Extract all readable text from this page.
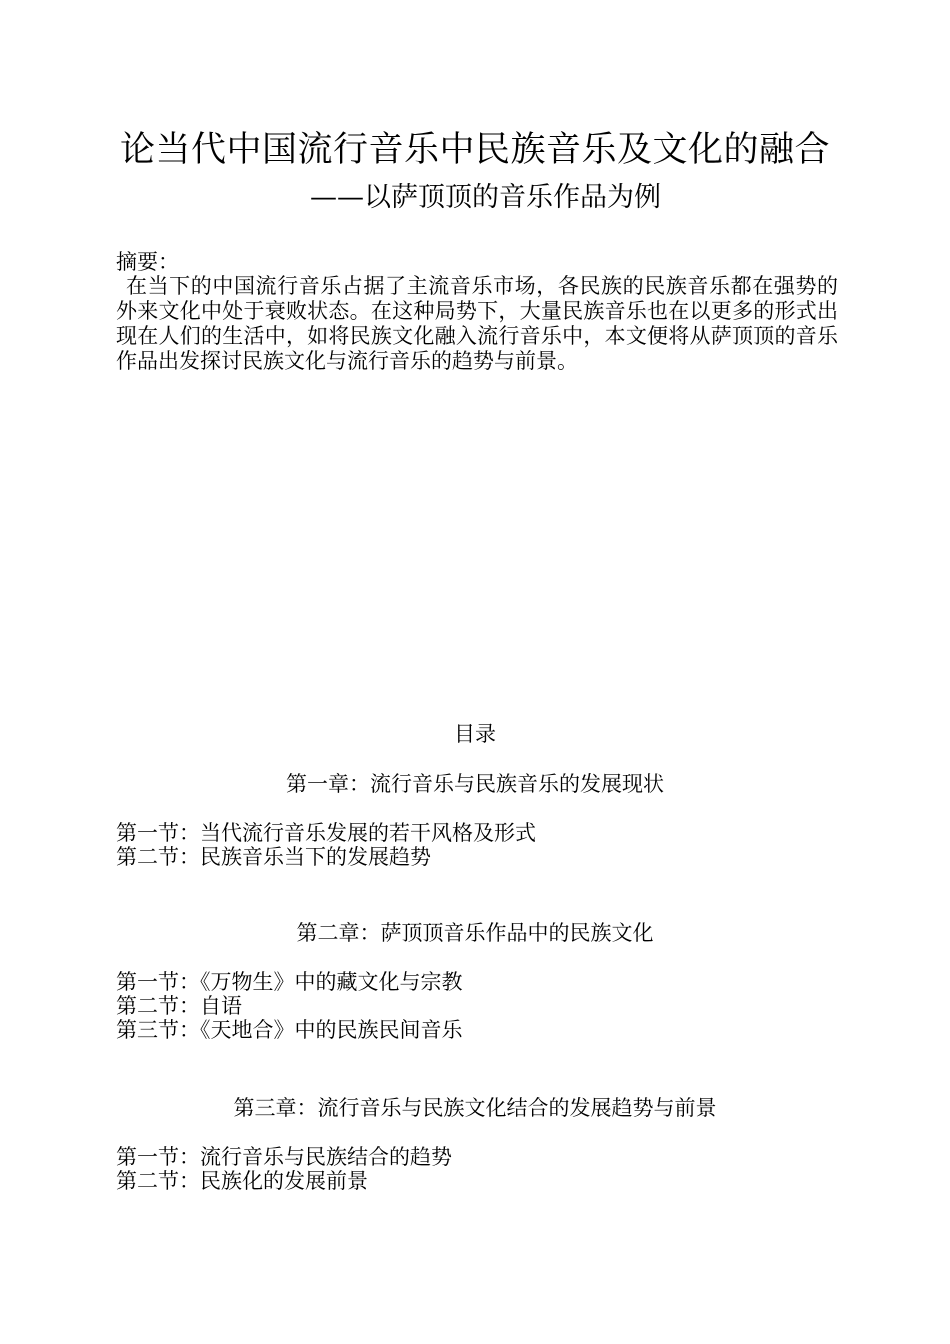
论当代中国流行音乐中民族音乐及文化的融合
——以萨顶顶的音乐作品为例
摘要：
在当下的中国流行音乐占据了主流音乐市场，各民族的民族音乐都在强势的外来文化中处于衰败状态。在这种局势下，大量民族音乐也在以更多的形式出现在人们的生活中，如将民族文化融入流行音乐中，本文便将从萨顶顶的音乐作品出发探讨民族文化与流行音乐的趋势与前景。
目录
第一章：流行音乐与民族音乐的发展现状
第一节：当代流行音乐发展的若干风格及形式
第二节：民族音乐当下的发展趋势
第二章：萨顶顶音乐作品中的民族文化
第一节：《万物生》中的藏文化与宗教
第二节：自语
第三节：《天地合》中的民族民间音乐
第三章：流行音乐与民族文化结合的发展趋势与前景
第一节：流行音乐与民族结合的趋势
第二节：民族化的发展前景
